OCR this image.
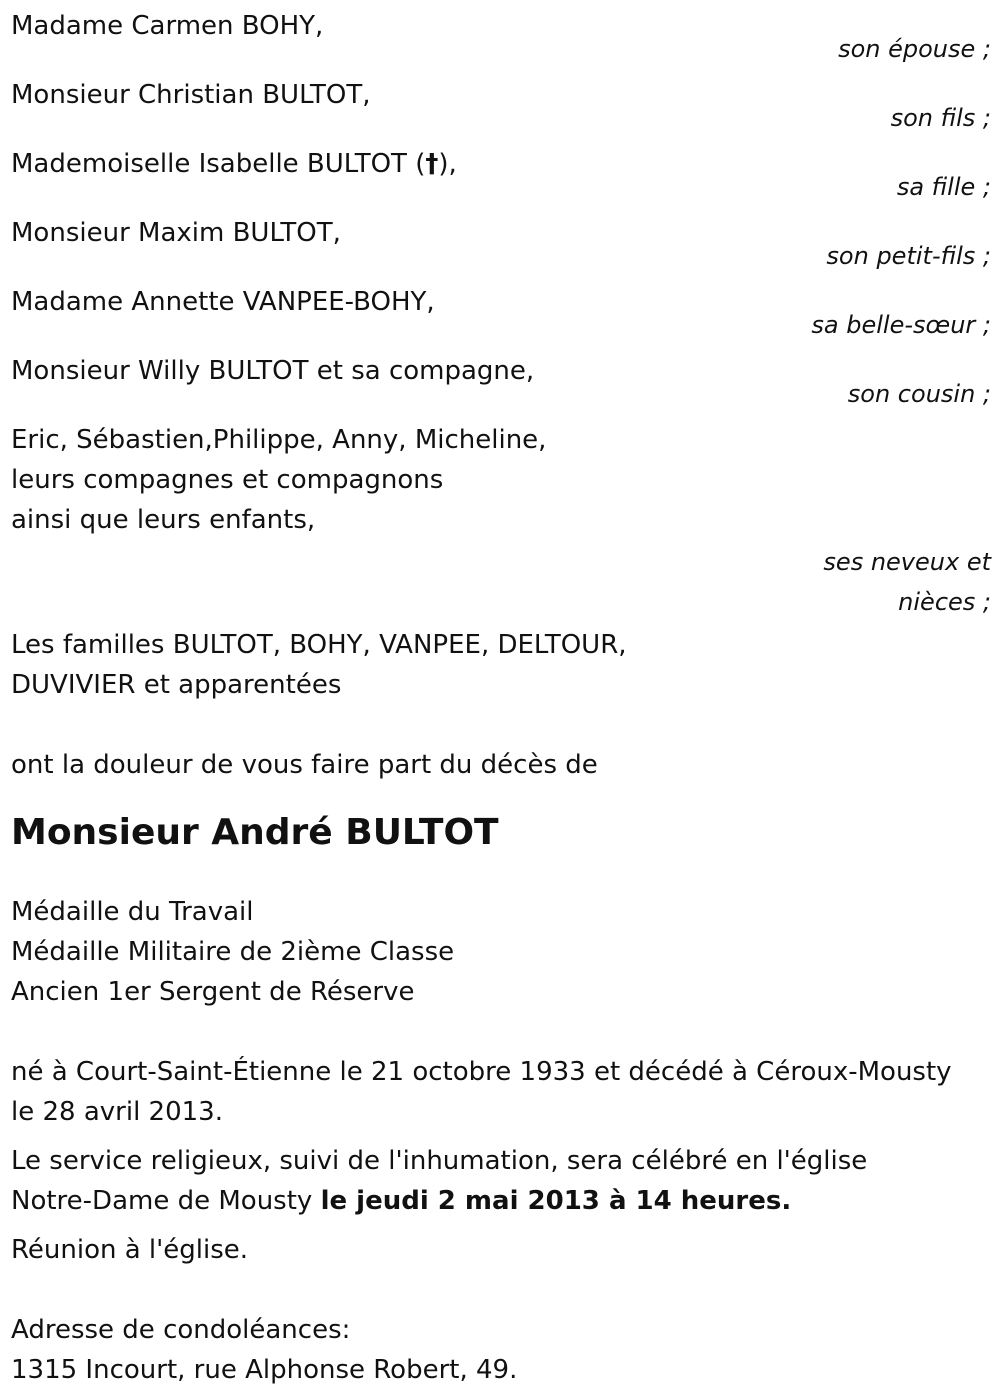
Madame Carmen BOHY,
son épouse ;
Monsieur Christian BULTOT,
son fils ;
Mademoiselle Isabelle BULTOT (†),
sa fille ;
Monsieur Maxim BULTOT,
son petit-fils ;
Madame Annette VANPEE-BOHY,
sa belle-sœur ;
Monsieur Willy BULTOT et sa compagne,
son cousin ;
Eric, Sébastien,Philippe, Anny, Micheline,
leurs compagnes et compagnons
ainsi que leurs enfants,
ses neveux et nièces ;
Les familles BULTOT, BOHY, VANPEE, DELTOUR,
DUVIVIER et apparentées
ont la douleur de vous faire part du décès de
Monsieur André BULTOT
Médaille du Travail
Médaille Militaire de 2ième Classe
Ancien 1er Sergent de Réserve
né à Court-Saint-Étienne le 21 octobre 1933 et décédé à Céroux-Mousty le 28 avril 2013.
Le service religieux, suivi de l'inhumation, sera célébré en l'église Notre-Dame de Mousty le jeudi 2 mai 2013 à 14 heures.
Réunion à l'église.
Adresse de condoléances:
1315 Incourt, rue Alphonse Robert, 49.
